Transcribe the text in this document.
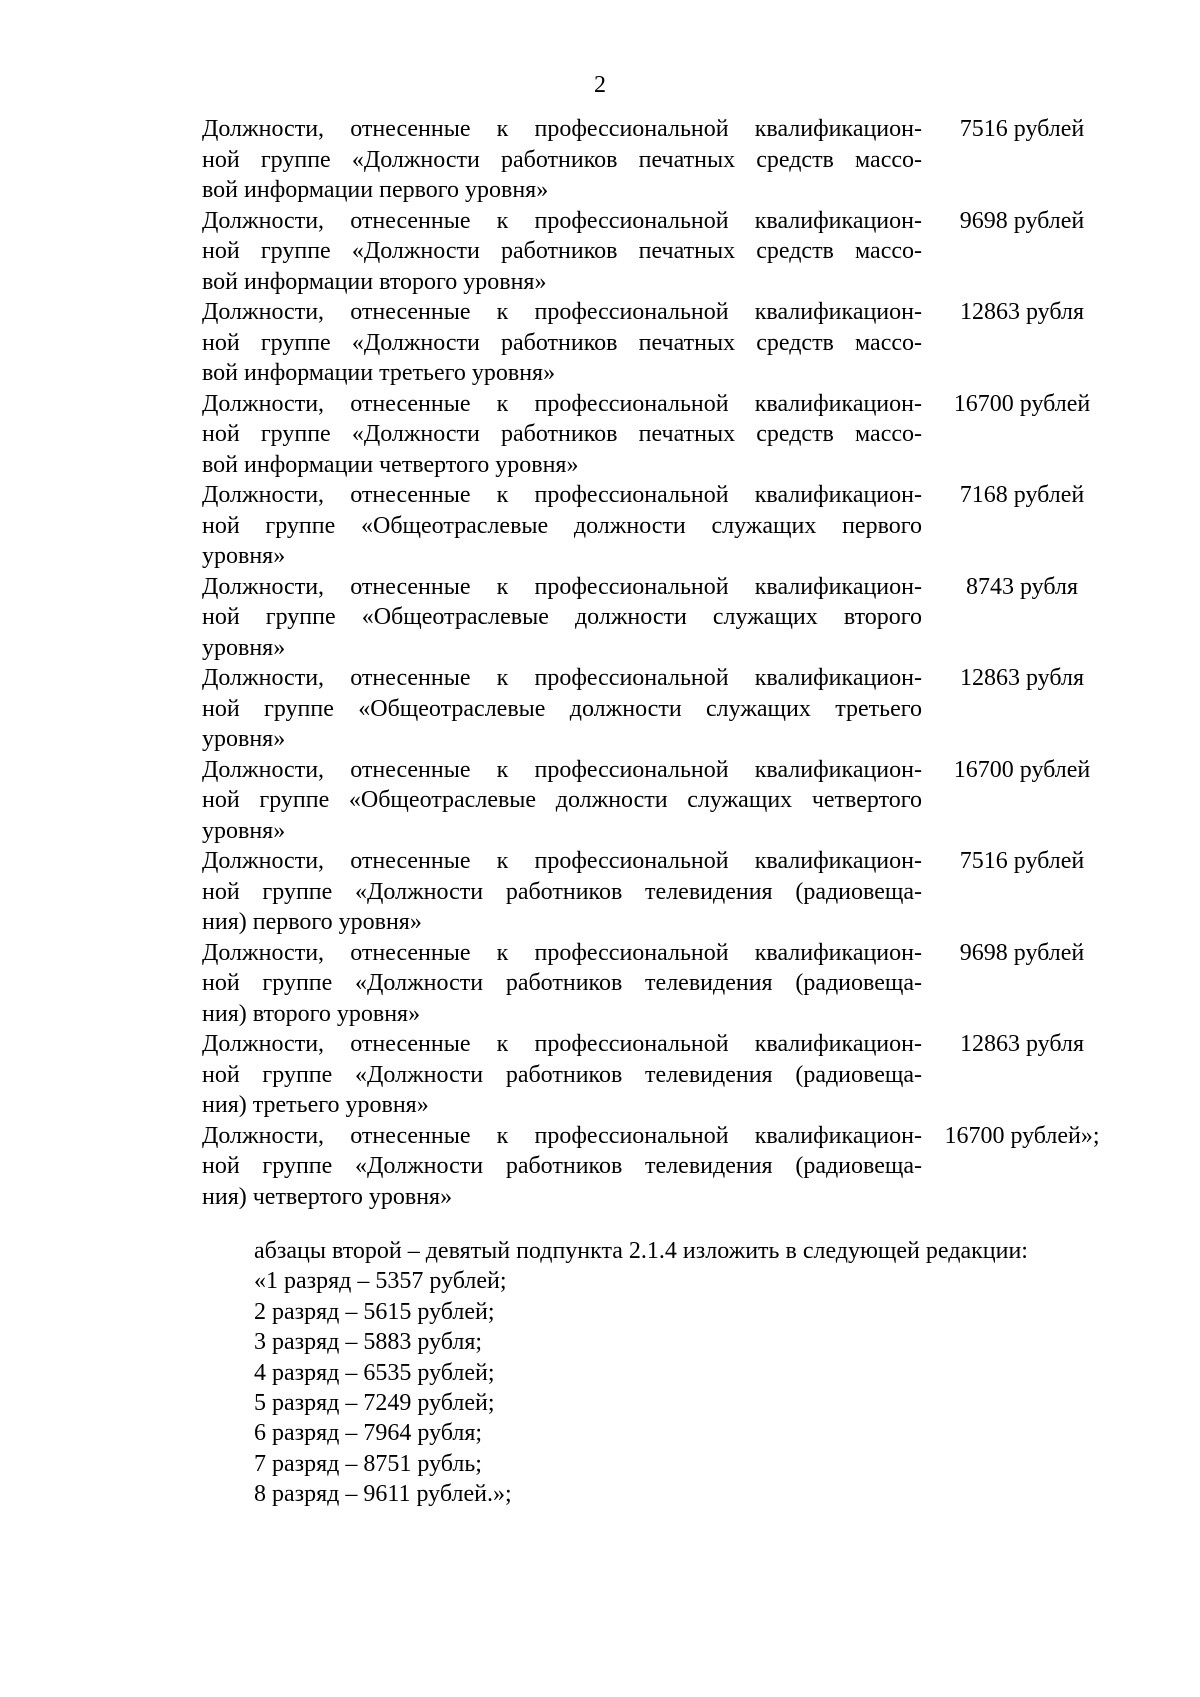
2
Должности, отнесенные к профессиональной квалификацион-
ной группе «Должности работников печатных средств массо-
вой информации первого уровня»
7516 рублей
Должности, отнесенные к профессиональной квалификацион-
ной группе «Должности работников печатных средств массо-
вой информации второго уровня»
9698 рублей
Должности, отнесенные к профессиональной квалификацион-
ной группе «Должности работников печатных средств массо-
вой информации третьего уровня»
12863 рубля
Должности, отнесенные к профессиональной квалификацион-
ной группе «Должности работников печатных средств массо-
вой информации четвертого уровня»
16700 рублей
Должности, отнесенные к профессиональной квалификацион-
ной группе «Общеотраслевые должности служащих первого
уровня»
7168 рублей
Должности, отнесенные к профессиональной квалификацион-
ной группе «Общеотраслевые должности служащих второго
уровня»
8743 рубля
Должности, отнесенные к профессиональной квалификацион-
ной группе «Общеотраслевые должности служащих третьего
уровня»
12863 рубля
Должности, отнесенные к профессиональной квалификацион-
ной группе «Общеотраслевые должности служащих четвертого
уровня»
16700 рублей
Должности, отнесенные к профессиональной квалификацион-
ной группе «Должности работников телевидения (радиовеща-
ния) первого уровня»
7516 рублей
Должности, отнесенные к профессиональной квалификацион-
ной группе «Должности работников телевидения (радиовеща-
ния) второго уровня»
9698 рублей
Должности, отнесенные к профессиональной квалификацион-
ной группе «Должности работников телевидения (радиовеща-
ния) третьего уровня»
12863 рубля
Должности, отнесенные к профессиональной квалификацион-
ной группе «Должности работников телевидения (радиовеща-
ния) четвертого уровня»
16700 рублей»;
абзацы второй – девятый подпункта 2.1.4 изложить в следующей редакции:
«1 разряд – 5357 рублей;
2 разряд – 5615 рублей;
3 разряд – 5883 рубля;
4 разряд – 6535 рублей;
5 разряд – 7249 рублей;
6 разряд – 7964 рубля;
7 разряд – 8751 рубль;
8 разряд – 9611 рублей.»;
